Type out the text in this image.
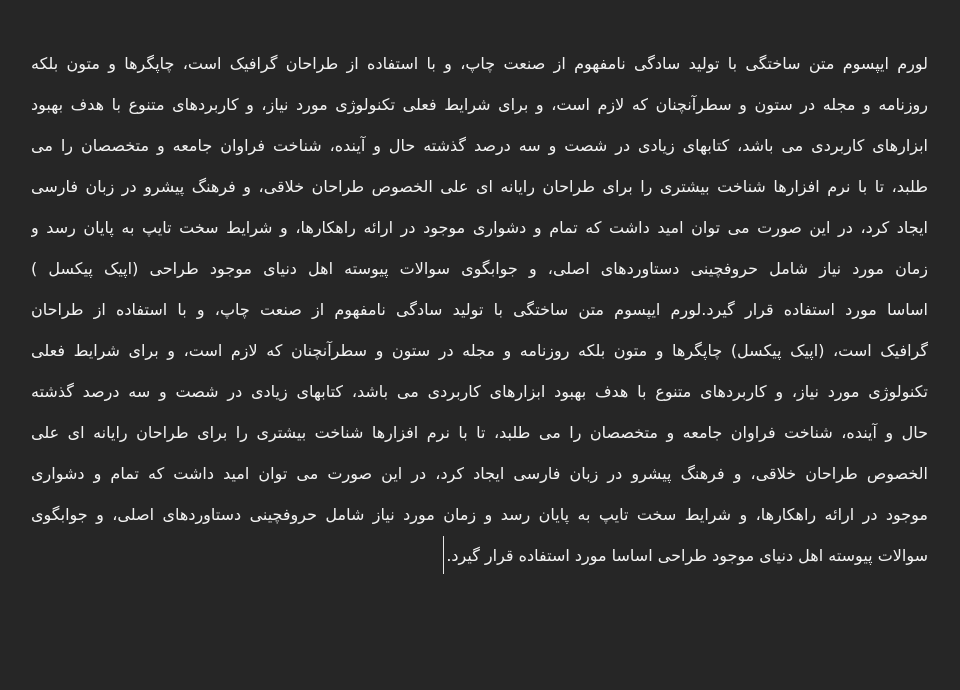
لورم ایپسوم متن ساختگی با تولید سادگی نامفهوم از صنعت چاپ، و با استفاده از طراحان گرافیک است، چاپگرها و متون بلکه
روزنامه و مجله در ستون و سطرآنچنان که لازم است، و برای شرایط فعلی تکنولوژی مورد نیاز، و کاربردهای متنوع با هدف بهبود
ابزارهای کاربردی می باشد، کتابهای زیادی در شصت و سه درصد گذشته حال و آینده، شناخت فراوان جامعه و متخصصان را می
طلبد، تا با نرم افزارها شناخت بیشتری را برای طراحان رایانه ای علی الخصوص طراحان خلاقی، و فرهنگ پیشرو در زبان فارسی
ایجاد کرد، در این صورت می توان امید داشت که تمام و دشواری موجود در ارائه راهکارها، و شرایط سخت تایپ به پایان رسد و
زمان مورد نیاز شامل حروفچینی دستاوردهای اصلی، و جوابگوی سوالات پیوسته اهل دنیای موجود طراحی (اپیک پیکسل )
اساسا مورد استفاده قرار گیرد.لورم ایپسوم متن ساختگی با تولید سادگی نامفهوم از صنعت چاپ، و با استفاده از طراحان
گرافیک است، (اپیک پیکسل) چاپگرها و متون بلکه روزنامه و مجله در ستون و سطرآنچنان که لازم است، و برای شرایط فعلی
تکنولوژی مورد نیاز، و کاربردهای متنوع با هدف بهبود ابزارهای کاربردی می باشد، کتابهای زیادی در شصت و سه درصد گذشته
حال و آینده، شناخت فراوان جامعه و متخصصان را می طلبد، تا با نرم افزارها شناخت بیشتری را برای طراحان رایانه ای علی
الخصوص طراحان خلاقی، و فرهنگ پیشرو در زبان فارسی ایجاد کرد، در این صورت می توان امید داشت که تمام و دشواری
موجود در ارائه راهکارها، و شرایط سخت تایپ به پایان رسد و زمان مورد نیاز شامل حروفچینی دستاوردهای اصلی، و جوابگوی
سوالات پیوسته اهل دنیای موجود طراحی اساسا مورد استفاده قرار گیرد.
